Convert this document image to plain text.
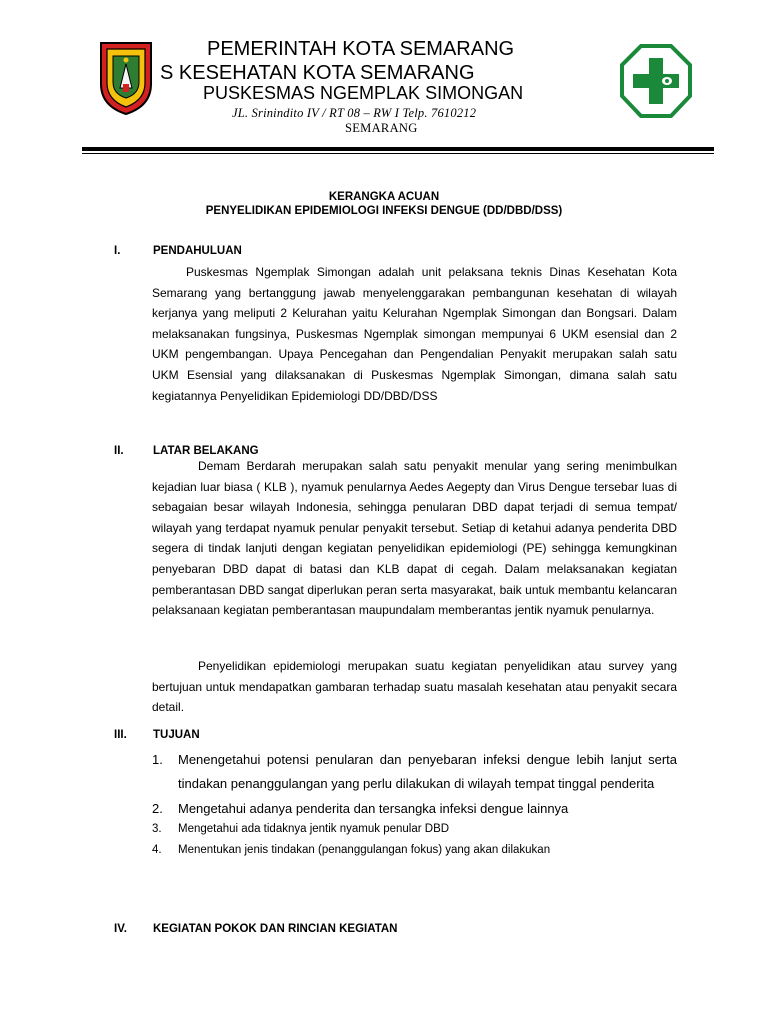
PEMERINTAH KOTA SEMARANG
S KESEHATAN KOTA SEMARANG
PUSKESMAS NGEMPLAK SIMONGAN
JL. Srinindito IV / RT 08 – RW I Telp. 7610212
SEMARANG
KERANGKA ACUAN
PENYELIDIKAN EPIDEMIOLOGI INFEKSI DENGUE (DD/DBD/DSS)
I.	PENDAHULUAN
Puskesmas Ngemplak Simongan adalah unit pelaksana teknis Dinas Kesehatan Kota Semarang yang bertanggung jawab menyelenggarakan pembangunan kesehatan di wilayah kerjanya yang meliputi 2 Kelurahan yaitu Kelurahan Ngemplak Simongan dan Bongsari. Dalam melaksanakan fungsinya, Puskesmas Ngemplak simongan mempunyai 6 UKM esensial dan 2 UKM pengembangan. Upaya Pencegahan dan Pengendalian Penyakit merupakan salah satu UKM Esensial yang dilaksanakan di Puskesmas Ngemplak Simongan, dimana salah satu kegiatannya Penyelidikan Epidemiologi DD/DBD/DSS
II.	LATAR BELAKANG
Demam Berdarah merupakan salah satu penyakit menular yang sering menimbulkan kejadian luar biasa ( KLB ), nyamuk penularnya Aedes Aegepty dan Virus Dengue tersebar luas di sebagaian besar wilayah Indonesia, sehingga penularan DBD dapat terjadi di semua tempat/ wilayah yang terdapat nyamuk penular penyakit tersebut. Setiap di ketahui adanya penderita DBD segera di tindak lanjuti dengan kegiatan penyelidikan epidemiologi (PE) sehingga kemungkinan penyebaran DBD dapat di batasi dan KLB dapat di cegah. Dalam melaksanakan kegiatan pemberantasan DBD sangat diperlukan peran serta masyarakat, baik untuk membantu kelancaran pelaksanaan kegiatan pemberantasan maupundalam memberantas jentik nyamuk penularnya.
Penyelidikan epidemiologi merupakan suatu kegiatan penyelidikan atau survey yang bertujuan untuk mendapatkan gambaran terhadap suatu masalah kesehatan atau penyakit secara detail.
III. TUJUAN
1. Menengetahui potensi penularan dan penyebaran infeksi dengue lebih lanjut serta tindakan penanggulangan yang perlu dilakukan di wilayah tempat tinggal penderita
2. Mengetahui adanya penderita dan tersangka infeksi dengue lainnya
3. Mengetahui ada tidaknya jentik nyamuk penular DBD
4. Menentukan jenis tindakan (penanggulangan fokus) yang akan dilakukan
IV. KEGIATAN POKOK DAN RINCIAN KEGIATAN
